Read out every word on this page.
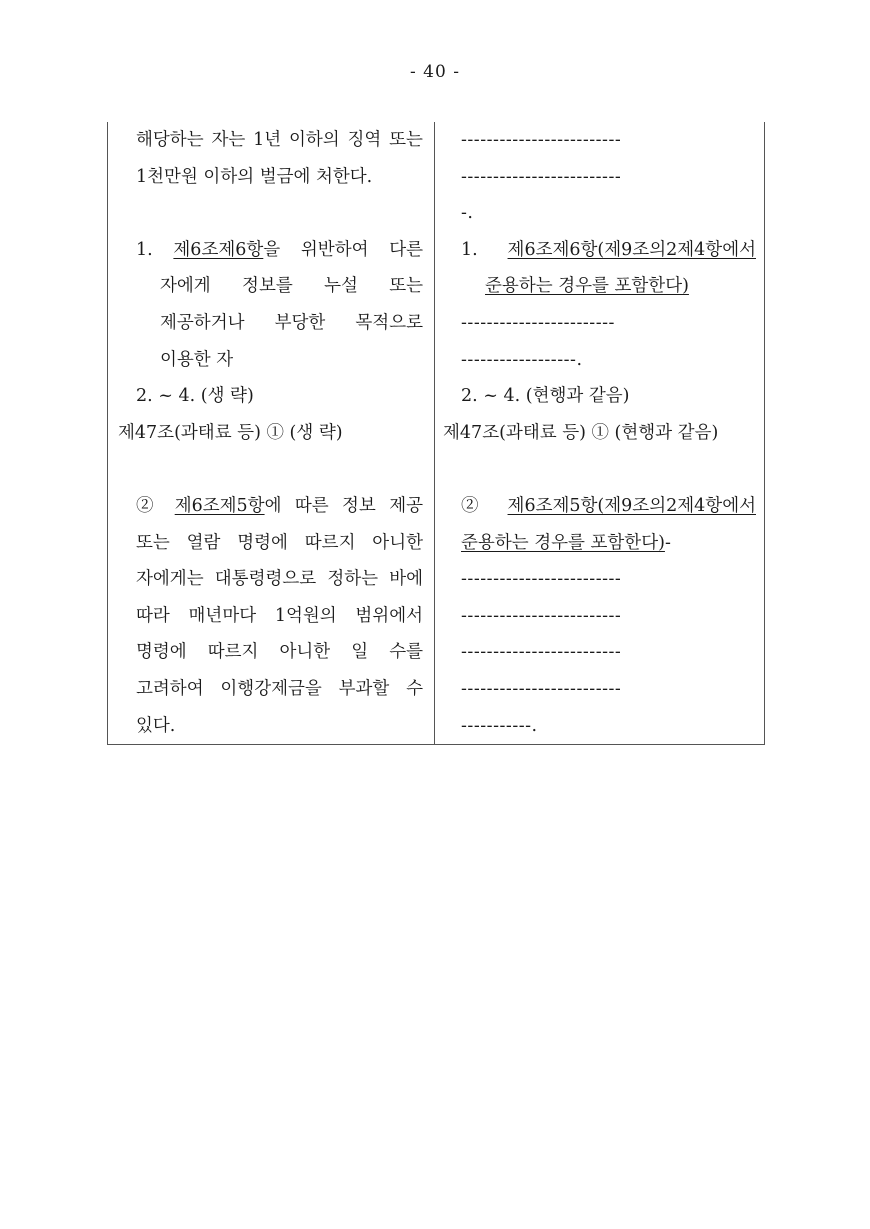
- 40 -

해당하는 자는 1년 이하의 징역 또는 1천만원 이하의 벌금에 처한다.

-------------------------
-------------------------
-.
1. 제6조제6항을 위반하여 다른 자에게 정보를 누설 또는 제공하거나 부당한 목적으로 이용한 자
1. 제6조제6항(제9조의2제4항에서 준용하는 경우를 포함한다)
------------------------
------------------.

2. ~ 4. (생 략)	2. ~ 4. (현행과 같음)

제47조(과태료 등) ① (생 략)	제47조(과태료 등) ① (현행과 같음)

② 제6조제5항에 따른 정보 제공 또는 열람 명령에 따르지 아니한 자에게는 대통령령으로 정하는 바에 따라 매년마다 1억원의 범위에서 명령에 따르지 아니한 일 수를 고려하여 이행강제금을 부과할 수 있다.

② 제6조제5항(제9조의2제4항에서 준용하는 경우를 포함한다)-

-------------------------
-------------------------
-------------------------
-------------------------
-----------.
